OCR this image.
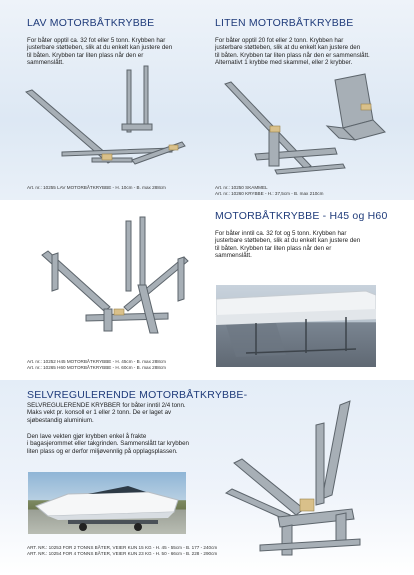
LAV MOTORBÅTKRYBBE
For båter opptil ca. 32 fot eller 5 tonn. Krybben har
justerbare støtteben, slik at du enkelt kan justere den
til båten. Krybben tar liten plass når den er
sammenslått.
Art. nr.: 10255 LAV MOTORBÅTKRYBBE - H. 10cm - B. max 288cm
LITEN MOTORBÅTKRYBBE
For båter opptil 20 fot eller 2 tonn. Krybben har
justerbare støtteben, slik at du enkelt kan justere den
til båten. Krybben tar liten plass når den er sammenslått.
Alternativt 1 krybbe med skammel, eller 2 krybber.
Art. nr.: 10250 SKAMMEL
Art. nr.: 10260 KRYBBE - H.: 37,5cm - B. max 210cm
MOTORBÅTKRYBBE - H45 og H60
For båter inntil ca. 32 fot og 5 tonn. Krybben har
justerbare støtteben, slik at du enkelt kan justere den
til båten. Krybben tar liten plass når den er
sammenslått.
Art. nr.: 10252 H45 MOTORBÅTKRYBBE - H. 45cm - B. max 288cm
Art. nr.: 10265 H60 MOTORBÅTKRYBBE - H. 60cm - B. max 288cm
SELVREGULERENDE MOTORBÅTKRYBBE-
SELVREGULERENDE KRYBBER for båter inntil 2/4 tonn.
Maks vekt pr. konsoll er 1 eller 2 tonn. De er laget av
sjøbestandig aluminium.
Den lave vekten gjør krybben enkel å frakte
i bagasjerommet eller takgrinden. Sammenslått tar krybben
liten plass og er derfor miljøvennlig på opplagsplassen.
ART. NR.: 10253 FOR 2 TONNS BÅTER, VEIER KUN 15 KG - H. 45 - 55cm - B. 177 - 240cm
ART. NR.: 10254 FOR 4 TONNS BÅTER, VEIER KUN 23 KG - H. 50 - 66cm - B. 228 - 290cm
